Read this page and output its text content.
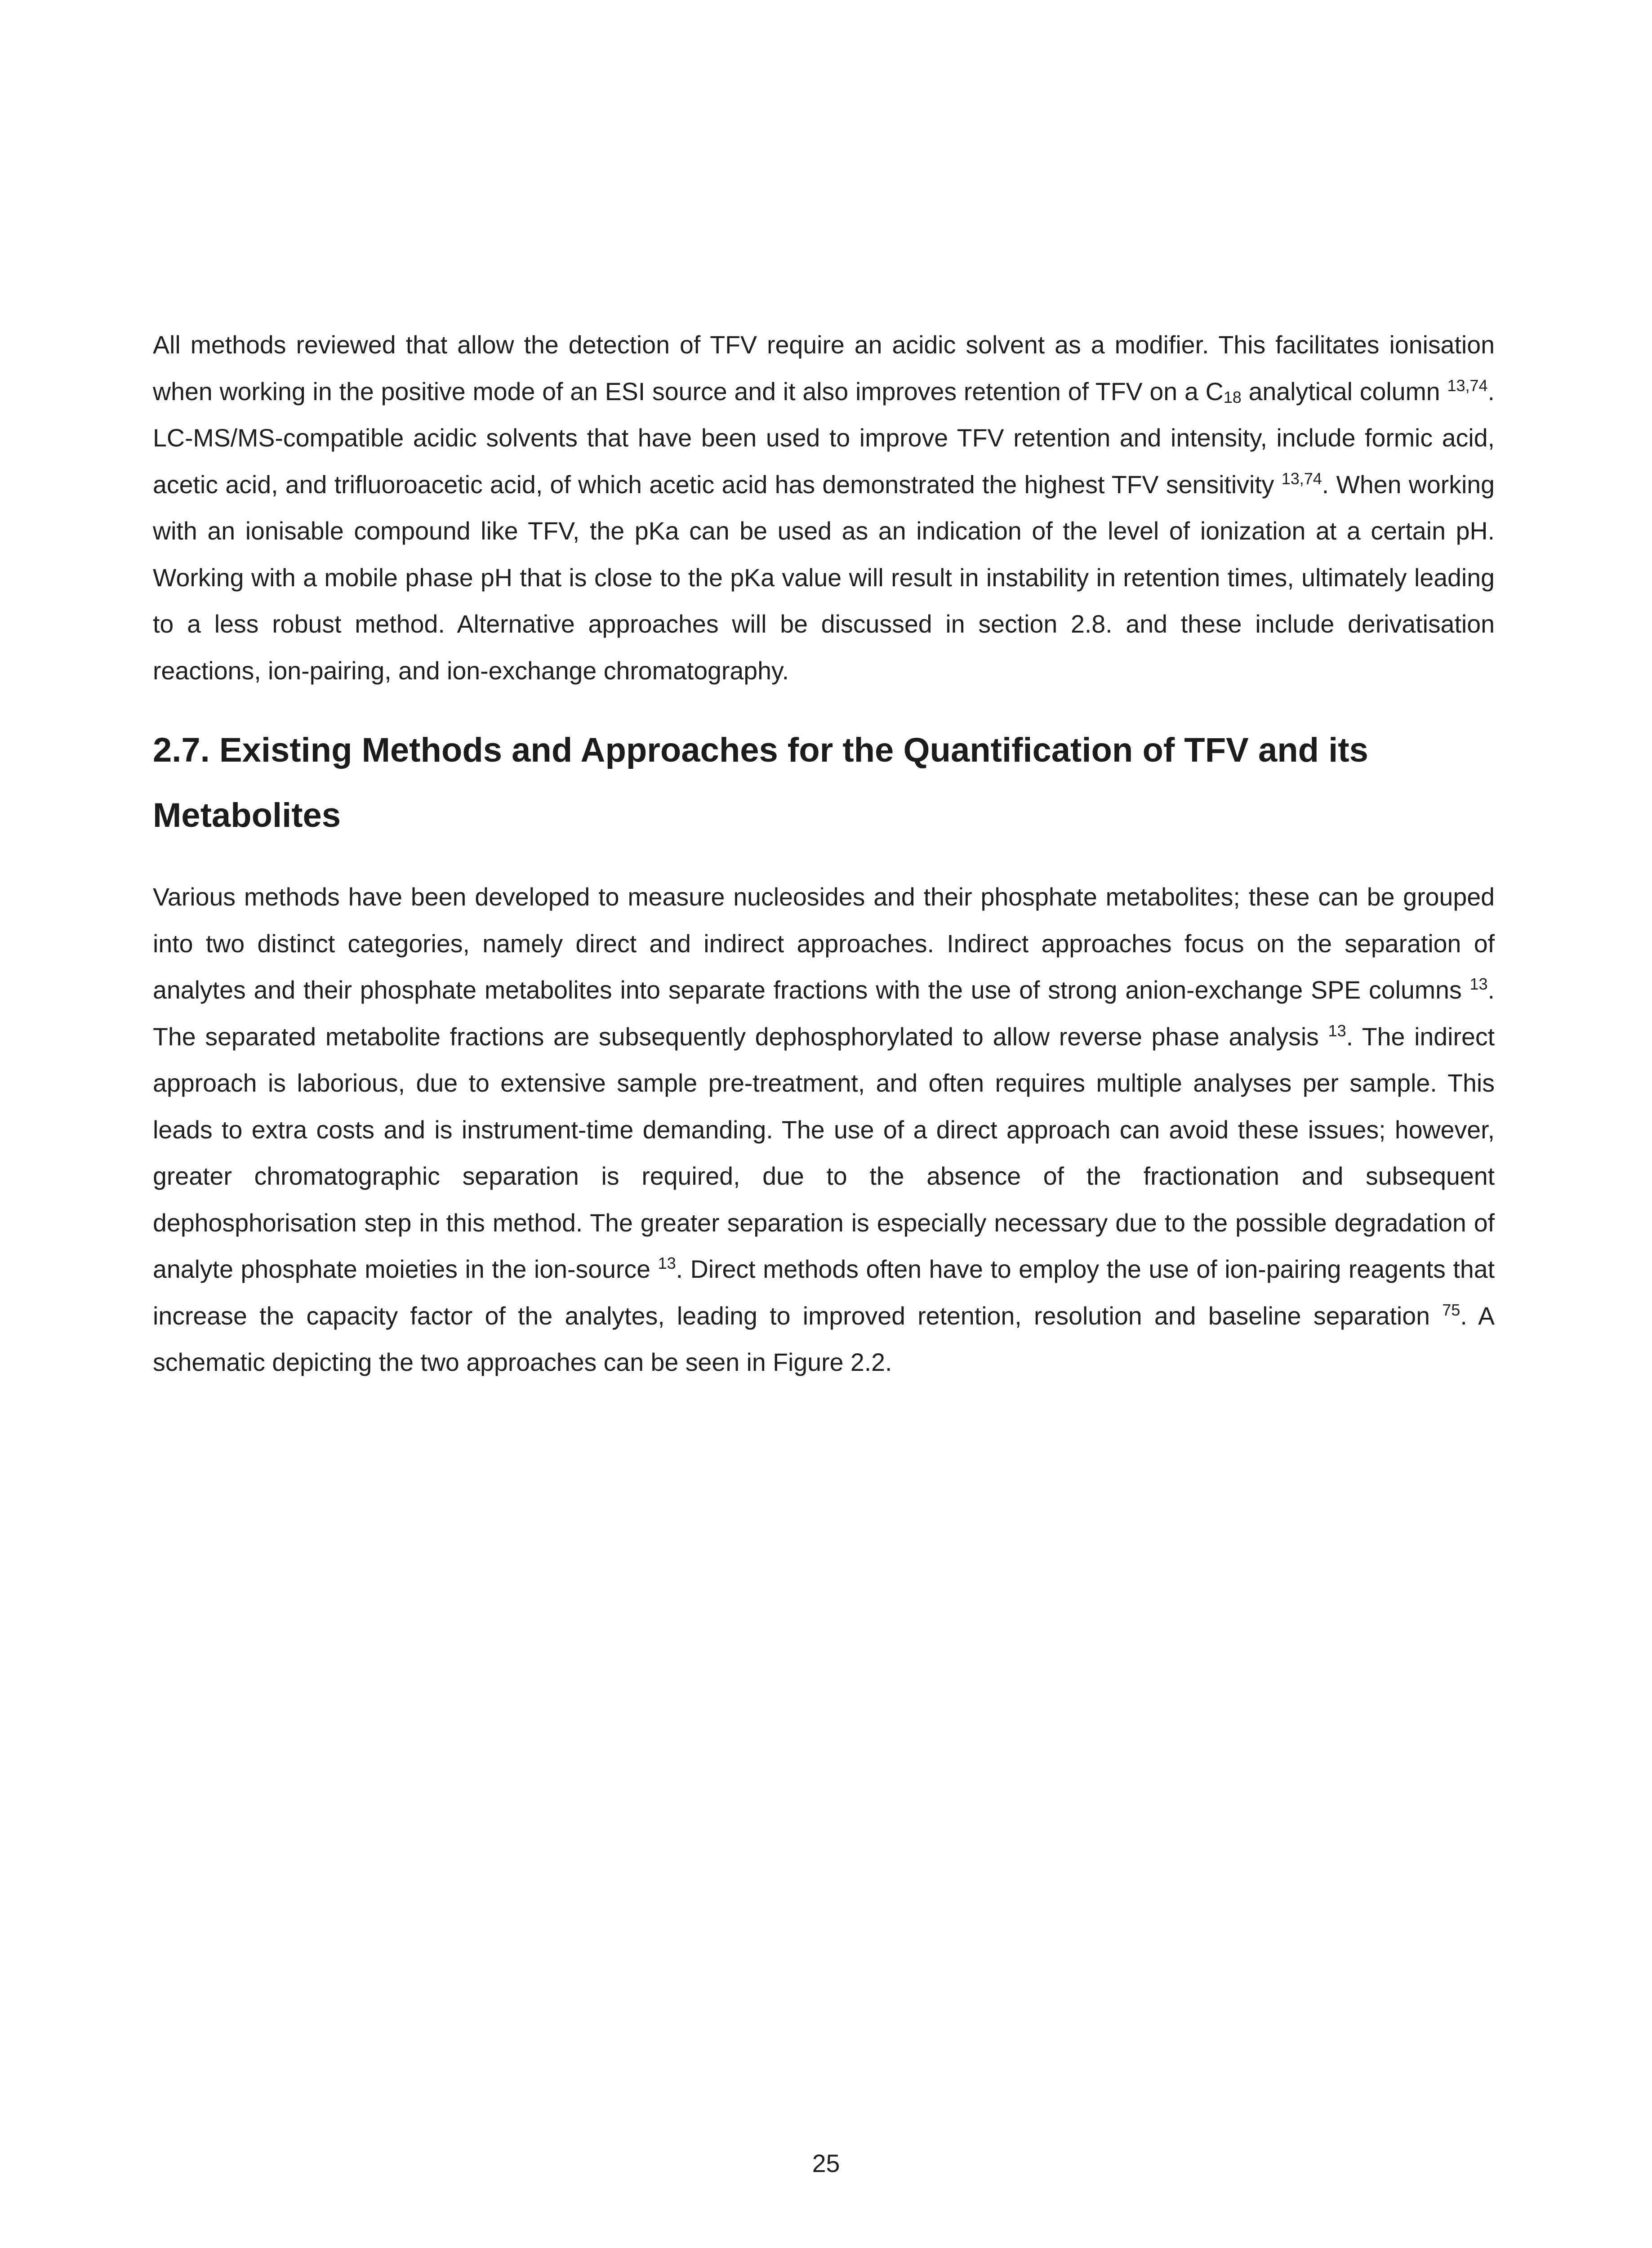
All methods reviewed that allow the detection of TFV require an acidic solvent as a modifier. This facilitates ionisation when working in the positive mode of an ESI source and it also improves retention of TFV on a $C_{18}$ analytical column $^{13,74}$. LC-MS/MS-compatible acidic solvents that have been used to improve TFV retention and intensity, include formic acid, acetic acid, and trifluoroacetic acid, of which acetic acid has demonstrated the highest TFV sensitivity $^{13,74}$. When working with an ionisable compound like TFV, the pKa can be used as an indication of the level of ionization at a certain pH. Working with a mobile phase pH that is close to the pKa value will result in instability in retention times, ultimately leading to a less robust method. Alternative approaches will be discussed in section 2.8. and these include derivatisation reactions, ion-pairing, and ion-exchange chromatography.

2.7. Existing Methods and Approaches for the Quantification of TFV and its Metabolites

Various methods have been developed to measure nucleosides and their phosphate metabolites; these can be grouped into two distinct categories, namely direct and indirect approaches. Indirect approaches focus on the separation of analytes and their phosphate metabolites into separate fractions with the use of strong anion-exchange SPE columns $^{13}$. The separated metabolite fractions are subsequently dephosphorylated to allow reverse phase analysis $^{13}$. The indirect approach is laborious, due to extensive sample pre-treatment, and often requires multiple analyses per sample. This leads to extra costs and is instrument-time demanding. The use of a direct approach can avoid these issues; however, greater chromatographic separation is required, due to the absence of the fractionation and subsequent dephosphorisation step in this method. The greater separation is especially necessary due to the possible degradation of analyte phosphate moieties in the ion-source $^{13}$. Direct methods often have to employ the use of ion-pairing reagents that increase the capacity factor of the analytes, leading to improved retention, resolution and baseline separation $^{75}$. A schematic depicting the two approaches can be seen in Figure 2.2.

25
